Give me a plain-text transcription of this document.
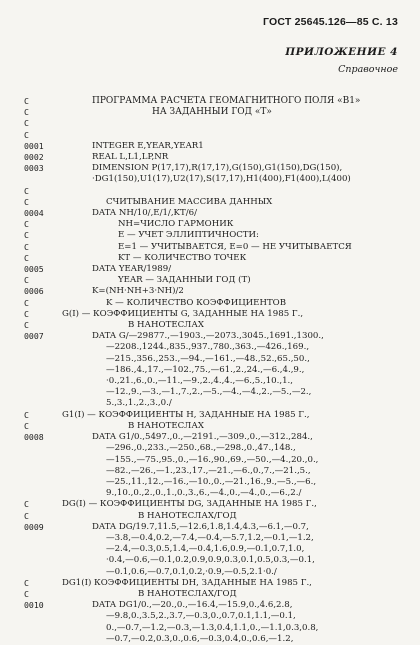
ГОСТ 25645.126—85 С. 13
ПРИЛОЖЕНИЕ 4
Справочное
C	ПРОГРАММА РАСЧЕТА ГЕОМАГНИТНОГО ПОЛЯ «B1»
C	НА ЗАДАННЫЙ ГОД «T»
C
C
0001	INTEGER E,YEAR,YEAR1
0002	REAL L,L1,LP,NR
0003	DIMENSION P(17,17),R(17,17),G(150),G1(150),DG(150),
·DG1(150),U1(17),U2(17),S(17,17),H1(400),F1(400),L(400)
C
C	СЧИТЫВАНИЕ МАССИВА ДАННЫХ
0004	DATA NH/10/,E/1/,KT/6/
C	NH=ЧИСЛО ГАРМОНИК
C	E — УЧЕТ ЭЛЛИПТИЧНОСТИ:
C	E=1 — УЧИТЫВАЕТСЯ, E=0 — НЕ УЧИТЫВАЕТСЯ
C	KT — КОЛИЧЕСТВО ТОЧЕК
0005	DATA YEAR/1989/
C	YEAR — ЗАДАННЫЙ ГОД (T)
0006	K=(NH·NH+3·NH)/2
C	K — КОЛИЧЕСТВО КОЭФФИЦИЕНТОВ
C	G(I) — КОЭФФИЦИЕНТЫ G, ЗАДАННЫЕ НА 1985 Г.,
C	В НАНОТЕСЛАХ
0007	DATA G/—29877.,—1903.,—2073.,3045.,1691.,1300.,
—2208.,1244.,835.,937.,780.,363.,—426.,169.,
—215.,356.,253.,—94.,—161.,—48.,52.,65.,50.,
—186.,4.,17.,—102.,75.,—61.,2.,24.,—6.,4.,9.,
·0.,21.,6.,0.,—11.,—9.,2.,4.,4.,—6.,5.,10.,1.,
—12.,9.,—3.,—1.,7.,2.,—5.,—4.,—4.,2.,—5.,—2.,
5.,3.,1.,2.,3.,0./
C	G1(I) — КОЭФФИЦИЕНТЫ H, ЗАДАННЫЕ НА 1985 Г.,
C	В НАНОТЕСЛАХ
0008	DATA G1/0.,5497.,0.,—2191.,—309.,0.,—312.,284.,
—296.,0.,233.,—250.,68.,—298.,0.,47.,148.,
—155.,—75.,95.,0.,—16.,90.,69.,—50.,—4.,20.,0.,
—82.,—26.,—1.,23.,17.,—21.,—6.,0.,7.,—21.,5.,
—25.,11.,12.,—16.,—10.,0.,—21.,16.,9.,—5.,—6.,
9.,10.,0.,2.,0.,1.,0.,3.,6.,—4.,0.,—4.,0.,—6.,2./
C	DG(I) — КОЭФФИЦИЕНТЫ DG, ЗАДАННЫЕ НА 1985 Г.,
C	В НАНОТЕСЛАХ/ГОД
0009	DATA DG/19.7,11.5,—12.6,1.8,1.4,4.3,—6.1,—0.7,
—3.8,—0.4,0.2,—7.4,—0.4,—5.7,1.2,—0.1,—1.2,
—2.4,—0.3,0.5,1.4,—0.4,1.6,0.9,—0.1,0.7,1.0,
·0.4,—0.6,—0.1,0.2,0.9,0.9,0.3,0.1,0.5,0.3,—0.1,
—0.1,0.6,—0.7,0.1,0.2,·0.9,—0.5,2.1·0./
C	DG1(I) КОЭФФИЦИЕНТЫ DH, ЗАДАННЫЕ НА 1985 Г.,
C	В НАНОТЕСЛАХ/ГОД
0010	DATA DG1/0.,—20.,0.,—16.4,—15.9,0.,4.6,2.8,
—9.8,0.,3.5,2.,3.7,—0.3,0.,0.7,0.1,1.1,—0.1,
0.,—0.7,—1.2,—0.3,—1.3,0.4,1.1,0.,—1.1,0.3,0.8,
—0.7,—0.2,0.3,0.,0.6,—0.3,0.4,0.,0.6,—1.2,
